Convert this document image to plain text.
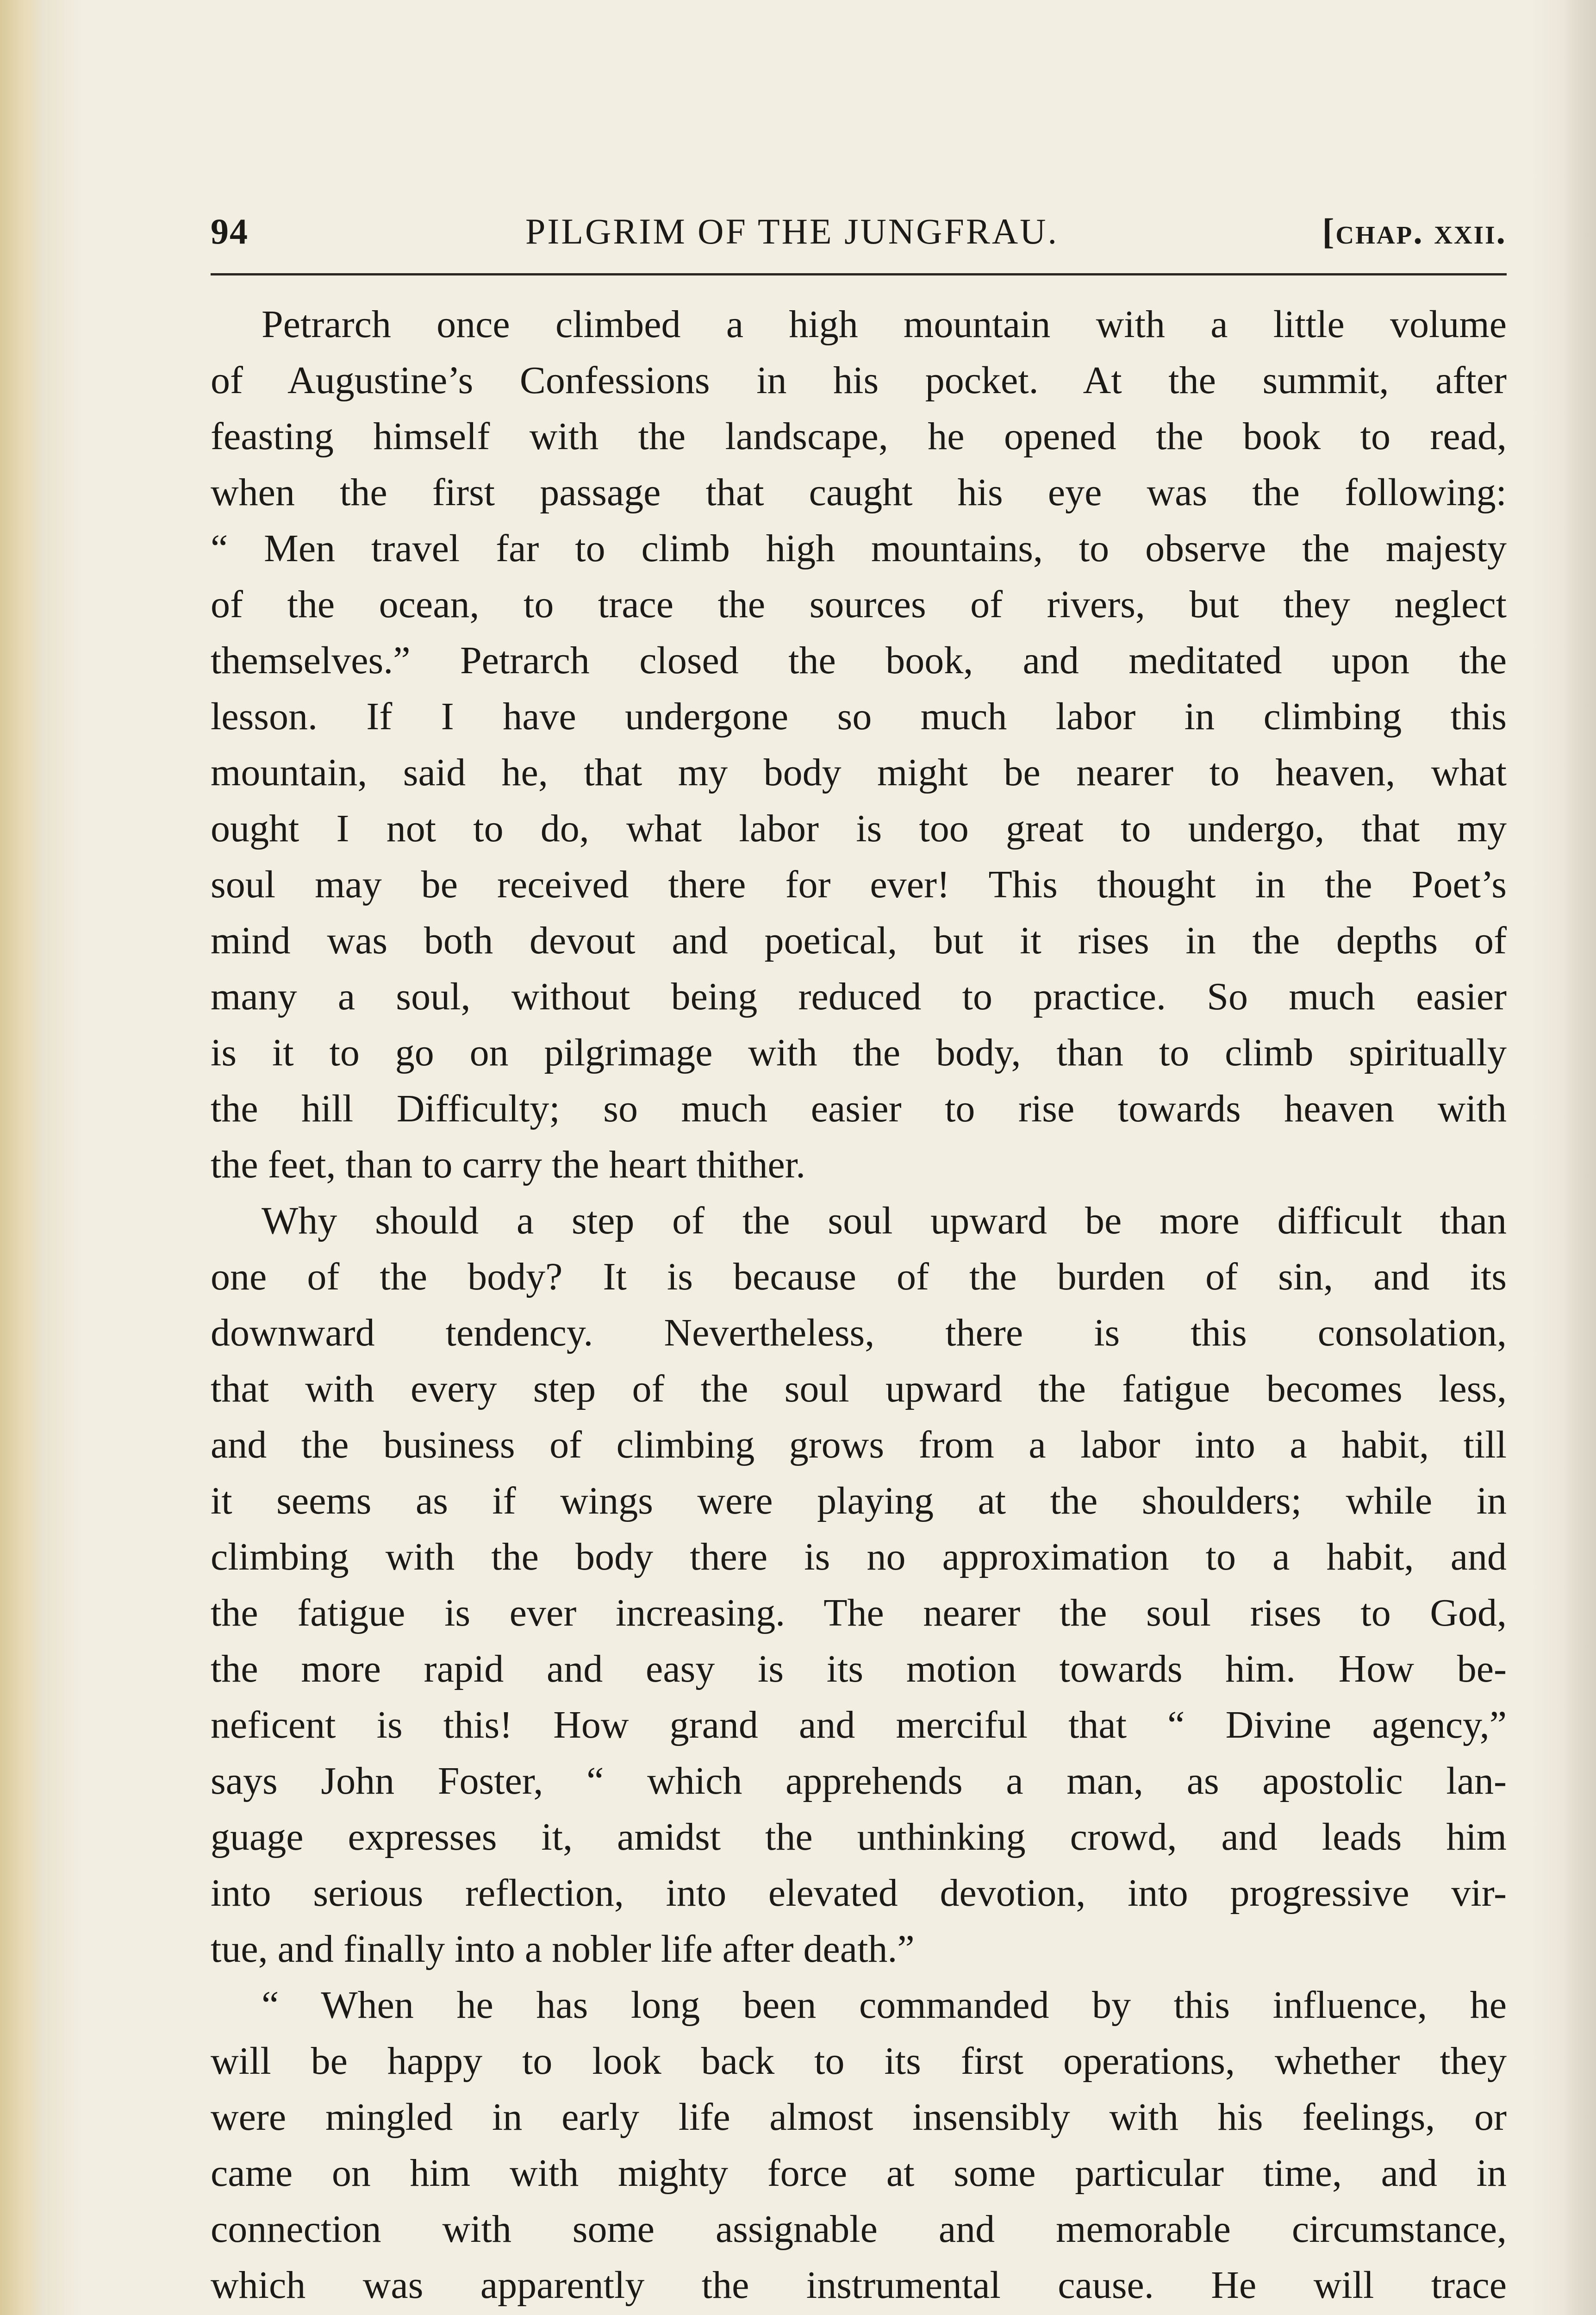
94	PILGRIM OF THE JUNGFRAU.	[chap. xxii.
Petrarch once climbed a high mountain with a little volume
of Augustine’s Confessions in his pocket. At the summit, after
feasting himself with the landscape, he opened the book to read,
when the first passage that caught his eye was the following:
“ Men travel far to climb high mountains, to observe the majesty
of the ocean, to trace the sources of rivers, but they neglect
themselves.” Petrarch closed the book, and meditated upon the
lesson. If I have undergone so much labor in climbing this
mountain, said he, that my body might be nearer to heaven, what
ought I not to do, what labor is too great to undergo, that my
soul may be received there for ever! This thought in the Poet’s
mind was both devout and poetical, but it rises in the depths of
many a soul, without being reduced to practice. So much easier
is it to go on pilgrimage with the body, than to climb spiritually
the hill Difficulty; so much easier to rise towards heaven with
the feet, than to carry the heart thither.
Why should a step of the soul upward be more difficult than
one of the body? It is because of the burden of sin, and its
downward tendency. Nevertheless, there is this consolation,
that with every step of the soul upward the fatigue becomes less,
and the business of climbing grows from a labor into a habit, till
it seems as if wings were playing at the shoulders; while in
climbing with the body there is no approximation to a habit, and
the fatigue is ever increasing. The nearer the soul rises to God,
the more rapid and easy is its motion towards him. How be-
neficent is this! How grand and merciful that “ Divine agency,”
says John Foster, “ which apprehends a man, as apostolic lan-
guage expresses it, amidst the unthinking crowd, and leads him
into serious reflection, into elevated devotion, into progressive vir-
tue, and finally into a nobler life after death.”
“ When he has long been commanded by this influence, he
will be happy to look back to its first operations, whether they
were mingled in early life almost insensibly with his feelings, or
came on him with mighty force at some particular time, and in
connection with some assignable and memorable circumstance,
which was apparently the instrumental cause. He will trace
